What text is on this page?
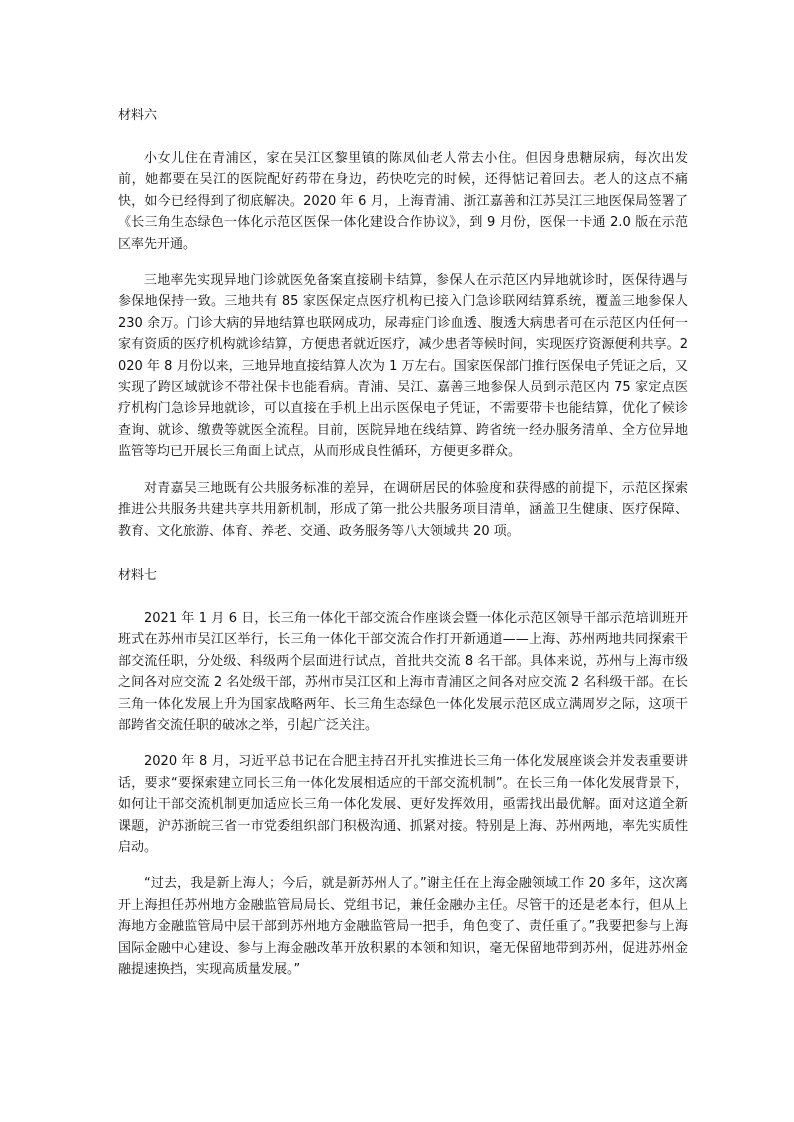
材料六

小女儿住在青浦区，家在吴江区黎里镇的陈凤仙老人常去小住。但因身患糖尿病，每次出发前，她都要在吴江的医院配好药带在身边，药快吃完的时候，还得惦记着回去。老人的这点不痛快，如今已经得到了彻底解决。2020 年 6 月，上海青浦、浙江嘉善和江苏吴江三地医保局签署了《长三角生态绿色一体化示范区医保一体化建设合作协议》，到 9 月份，医保一卡通 2.0 版在示范区率先开通。

三地率先实现异地门诊就医免备案直接刷卡结算，参保人在示范区内异地就诊时，医保待遇与参保地保持一致。三地共有 85 家医保定点医疗机构已接入门急诊联网结算系统，覆盖三地参保人 230 余万。门诊大病的异地结算也联网成功，尿毒症门诊血透、腹透大病患者可在示范区内任何一家有资质的医疗机构就诊结算，方便患者就近医疗，减少患者等候时间，实现医疗资源便利共享。2020 年 8 月份以来，三地异地直接结算人次为 1 万左右。国家医保部门推行医保电子凭证之后，又实现了跨区域就诊不带社保卡也能看病。青浦、吴江、嘉善三地参保人员到示范区内 75 家定点医疗机构门急诊异地就诊，可以直接在手机上出示医保电子凭证，不需要带卡也能结算，优化了候诊查询、就诊、缴费等就医全流程。目前，医院异地在线结算、跨省统一经办服务清单、全方位异地监管等均已开展长三角面上试点，从而形成良性循环，方便更多群众。

对青嘉吴三地既有公共服务标准的差异，在调研居民的体验度和获得感的前提下，示范区探索推进公共服务共建共享共用新机制，形成了第一批公共服务项目清单，涵盖卫生健康、医疗保障、教育、文化旅游、体育、养老、交通、政务服务等八大领域共 20 项。

材料七

2021 年 1 月 6 日，长三角一体化干部交流合作座谈会暨一体化示范区领导干部示范培训班开班式在苏州市吴江区举行，长三角一体化干部交流合作打开新通道——上海、苏州两地共同探索干部交流任职，分处级、科级两个层面进行试点，首批共交流 8 名干部。具体来说，苏州与上海市级之间各对应交流 2 名处级干部，苏州市吴江区和上海市青浦区之间各对应交流 2 名科级干部。在长三角一体化发展上升为国家战略两年、长三角生态绿色一体化发展示范区成立满周岁之际，这项干部跨省交流任职的破冰之举，引起广泛关注。

2020 年 8 月，习近平总书记在合肥主持召开扎实推进长三角一体化发展座谈会并发表重要讲话，要求“要探索建立同长三角一体化发展相适应的干部交流机制”。在长三角一体化发展背景下，如何让干部交流机制更加适应长三角一体化发展、更好发挥效用，亟需找出最优解。面对这道全新课题，沪苏浙皖三省一市党委组织部门积极沟通、抓紧对接。特别是上海、苏州两地，率先实质性启动。

“过去，我是新上海人；今后，就是新苏州人了。”谢主任在上海金融领域工作 20 多年，这次离开上海担任苏州地方金融监管局局长、党组书记，兼任金融办主任。尽管干的还是老本行，但从上海地方金融监管局中层干部到苏州地方金融监管局一把手，角色变了、责任重了。”我要把参与上海国际金融中心建设、参与上海金融改革开放积累的本领和知识，毫无保留地带到苏州，促进苏州金融提速换挡，实现高质量发展。”
